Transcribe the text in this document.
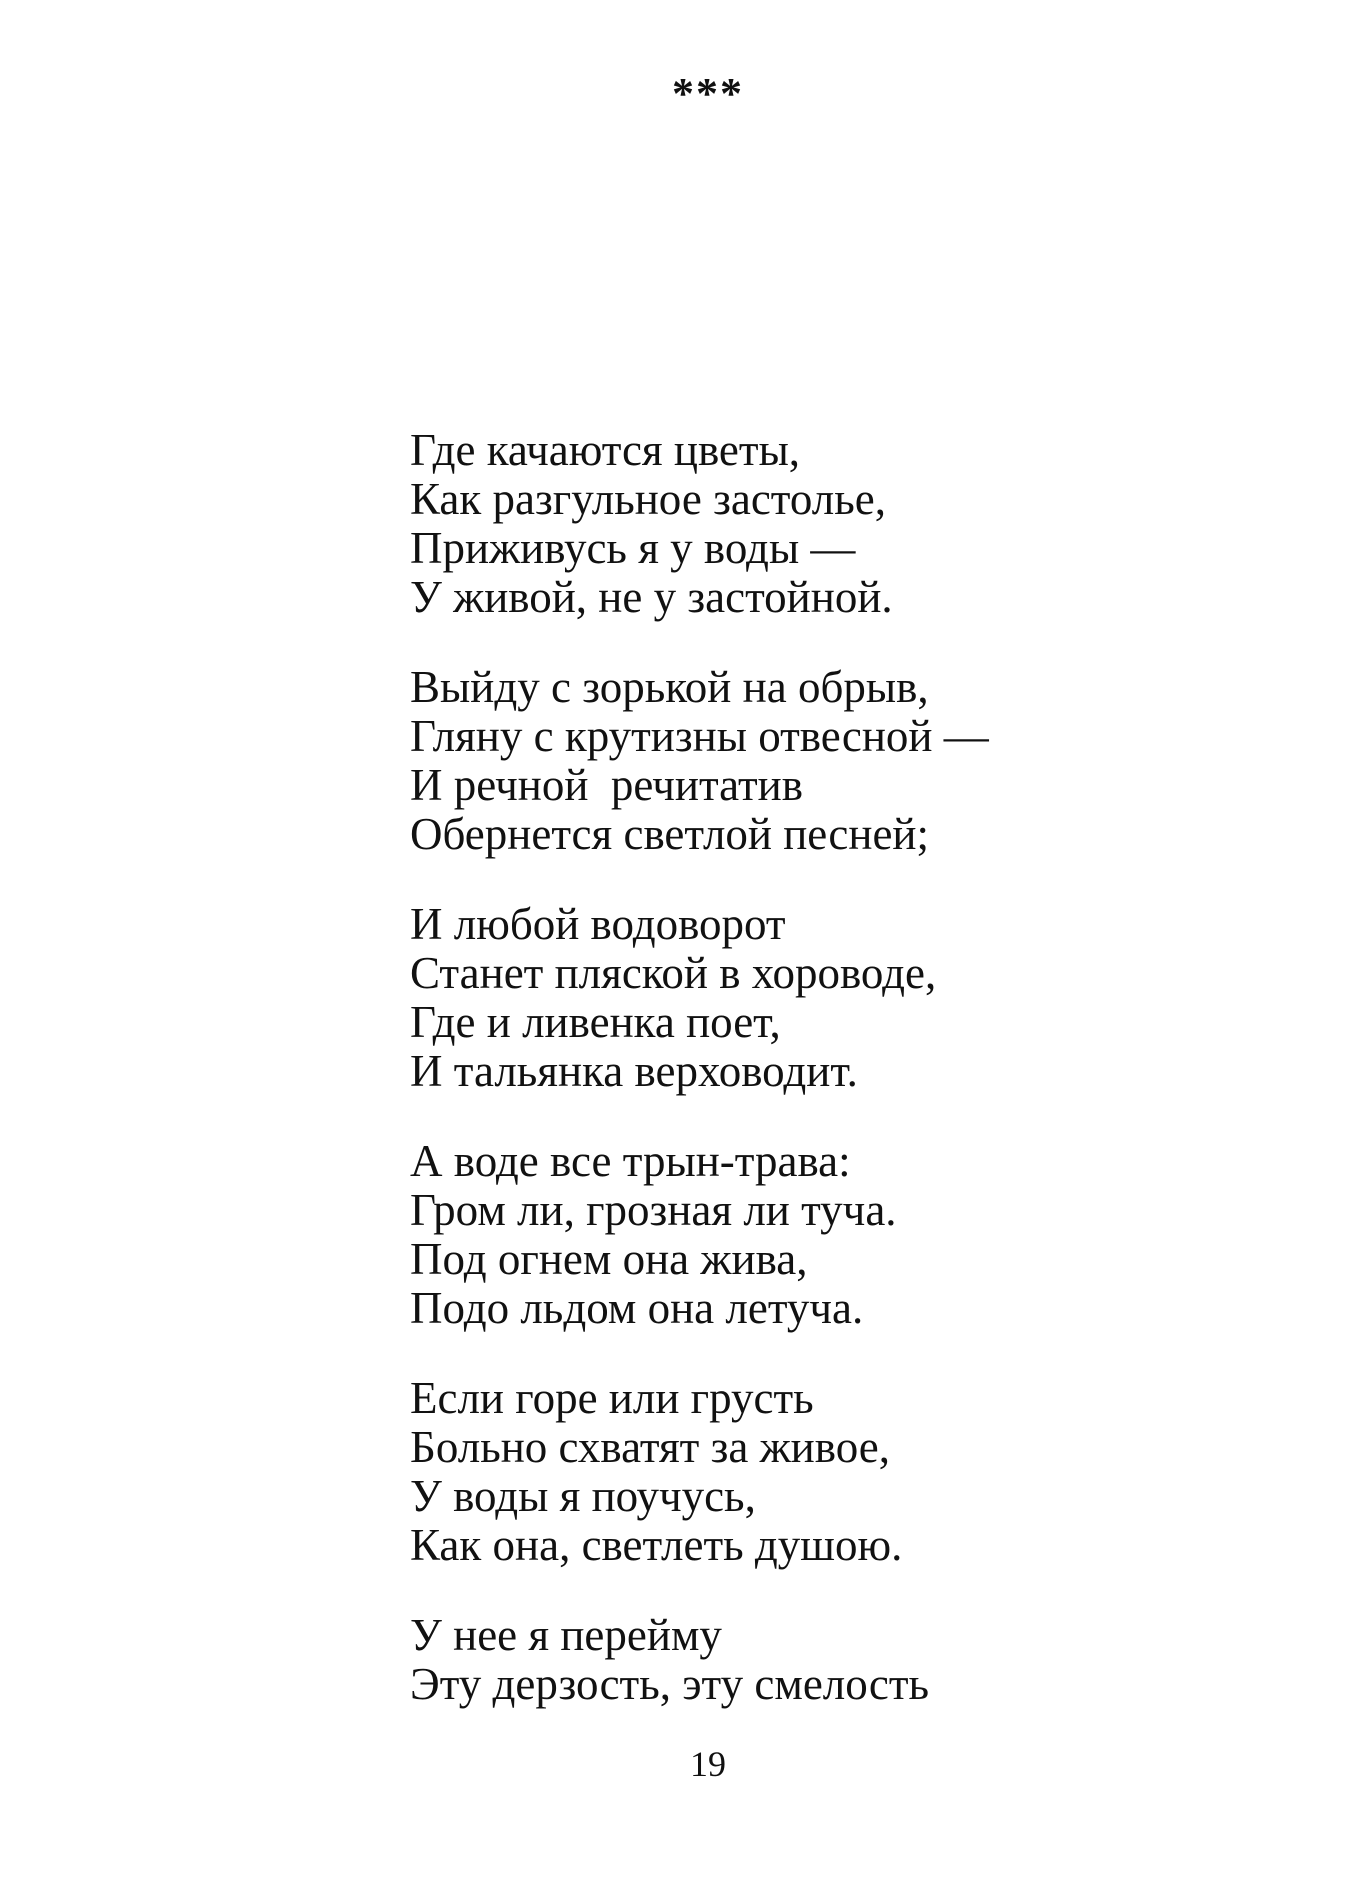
***
Где качаются цветы,
Как разгульное застолье,
Приживусь я у воды —
У живой, не у застойной.
Выйду с зорькой на обрыв,
Гляну с крутизны отвесной —
И речной  речитатив
Обернется светлой песней;
И любой водоворот
Станет пляской в хороводе,
Где и ливенка поет,
И тальянка верховодит.
А воде все трын-трава:
Гром ли, грозная ли туча.
Под огнем она жива,
Подо льдом она летуча.
Если горе или грусть
Больно схватят за живое,
У воды я поучусь,
Как она, светлеть душою.
У нее я перейму
Эту дерзость, эту смелость
19
